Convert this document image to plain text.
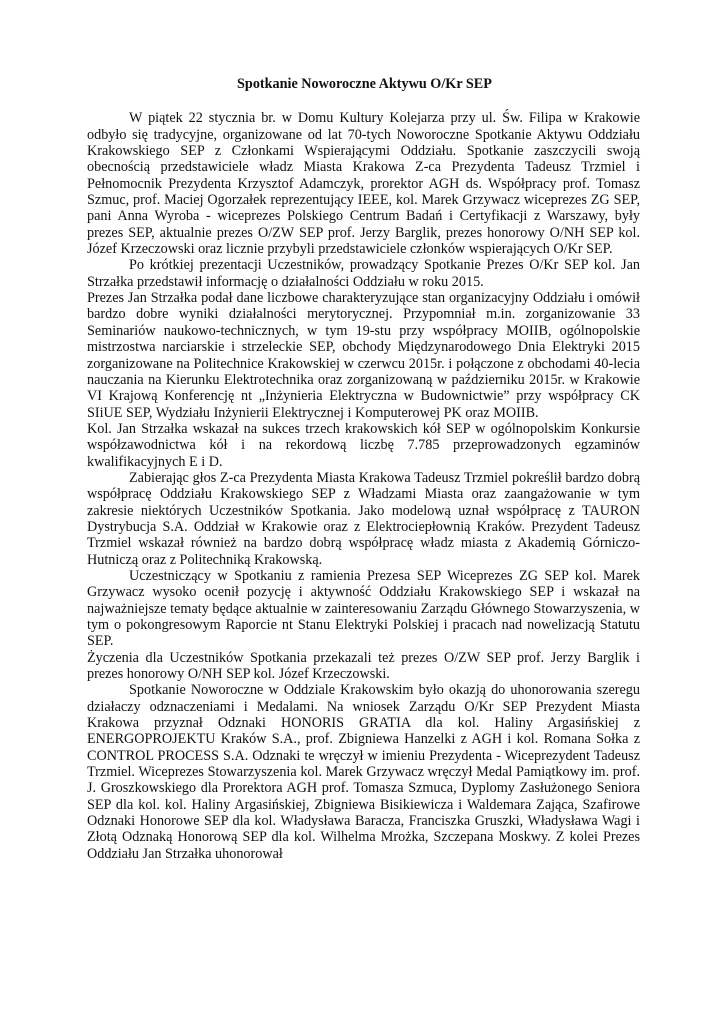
Spotkanie Noworoczne Aktywu O/Kr SEP

W piątek 22 stycznia br. w Domu Kultury Kolejarza przy ul. Św. Filipa w Krakowie odbyło się tradycyjne, organizowane od lat 70-tych Noworoczne Spotkanie Aktywu Oddziału Krakowskiego SEP z Członkami Wspierającymi Oddziału. Spotkanie zaszczycili swoją obecnością przedstawiciele władz Miasta Krakowa Z-ca Prezydenta Tadeusz Trzmiel i Pełnomocnik Prezydenta Krzysztof Adamczyk, prorektor AGH ds. Współpracy prof. Tomasz Szmuc, prof. Maciej Ogorzałek reprezentujący IEEE, kol. Marek Grzywacz wiceprezes ZG SEP, pani Anna Wyroba - wiceprezes Polskiego Centrum Badań i Certyfikacji z Warszawy, były prezes SEP, aktualnie prezes O/ZW SEP prof. Jerzy Barglik, prezes honorowy O/NH SEP kol. Józef Krzeczowski oraz licznie przybyli przedstawiciele członków wspierających O/Kr SEP.

Po krótkiej prezentacji Uczestników, prowadzący Spotkanie Prezes O/Kr SEP kol. Jan Strzałka przedstawił informację o działalności Oddziału w roku 2015.

Prezes Jan Strzałka podał dane liczbowe charakteryzujące stan organizacyjny Oddziału i omówił bardzo dobre wyniki działalności merytorycznej. Przypomniał m.in. zorganizowanie 33 Seminariów naukowo-technicznych, w tym 19-stu przy współpracy MOIIB, ogólnopolskie mistrzostwa narciarskie i strzeleckie SEP, obchody Międzynarodowego Dnia Elektryki 2015 zorganizowane na Politechnice Krakowskiej w czerwcu 2015r. i połączone z obchodami 40-lecia nauczania na Kierunku Elektrotechnika oraz zorganizowaną w październiku 2015r. w Krakowie VI Krajową Konferencję nt „Inżynieria Elektryczna w Budownictwie” przy współpracy CK SIiUE SEP, Wydziału Inżynierii Elektrycznej i Komputerowej PK oraz MOIIB.

Kol. Jan Strzałka wskazał na sukces trzech krakowskich kół SEP w ogólnopolskim Konkursie współzawodnictwa kół i na rekordową liczbę 7.785 przeprowadzonych egzaminów kwalifikacyjnych E i D.

Zabierając głos Z-ca Prezydenta Miasta Krakowa Tadeusz Trzmiel pokreślił bardzo dobrą współpracę Oddziału Krakowskiego SEP z Władzami Miasta oraz zaangażowanie w tym zakresie niektórych Uczestników Spotkania. Jako modelową uznał współpracę z TAURON Dystrybucja S.A. Oddział w Krakowie oraz z Elektrociepłownią Kraków. Prezydent Tadeusz Trzmiel wskazał również na bardzo dobrą współpracę władz miasta z Akademią Górniczo-Hutniczą oraz z Politechniką Krakowską.

Uczestniczący w Spotkaniu z ramienia Prezesa SEP Wiceprezes ZG SEP kol. Marek Grzywacz wysoko ocenił pozycję i aktywność Oddziału Krakowskiego SEP i wskazał na najważniejsze tematy będące aktualnie w zainteresowaniu Zarządu Głównego Stowarzyszenia, w tym o pokongresowym Raporcie nt Stanu Elektryki Polskiej i pracach nad nowelizacją Statutu SEP.

Życzenia dla Uczestników Spotkania przekazali też prezes O/ZW SEP prof. Jerzy Barglik i prezes honorowy O/NH SEP kol. Józef Krzeczowski.

Spotkanie Noworoczne w Oddziale Krakowskim było okazją do uhonorowania szeregu działaczy odznaczeniami i Medalami. Na wniosek Zarządu O/Kr SEP Prezydent Miasta Krakowa przyznał Odznaki HONORIS GRATIA dla kol. Haliny Argasińskiej z ENERGOPROJEKTU Kraków S.A., prof. Zbigniewa Hanzelki z AGH i kol. Romana Sołka z CONTROL PROCESS S.A. Odznaki te wręczył w imieniu Prezydenta - Wiceprezydent Tadeusz Trzmiel. Wiceprezes Stowarzyszenia kol. Marek Grzywacz wręczył Medal Pamiątkowy im. prof. J. Groszkowskiego dla Prorektora AGH prof. Tomasza Szmuca, Dyplomy Zasłużonego Seniora SEP dla kol. kol. Haliny Argasińskiej, Zbigniewa Bisikiewicza i Waldemara Zająca, Szafirowe Odznaki Honorowe SEP dla kol. Władysława Baracza, Franciszka Gruszki, Władysława Wagi i Złotą Odznaką Honorową SEP dla kol. Wilhelma Mrożka, Szczepana Moskwy. Z kolei Prezes Oddziału Jan Strzałka uhonorował
